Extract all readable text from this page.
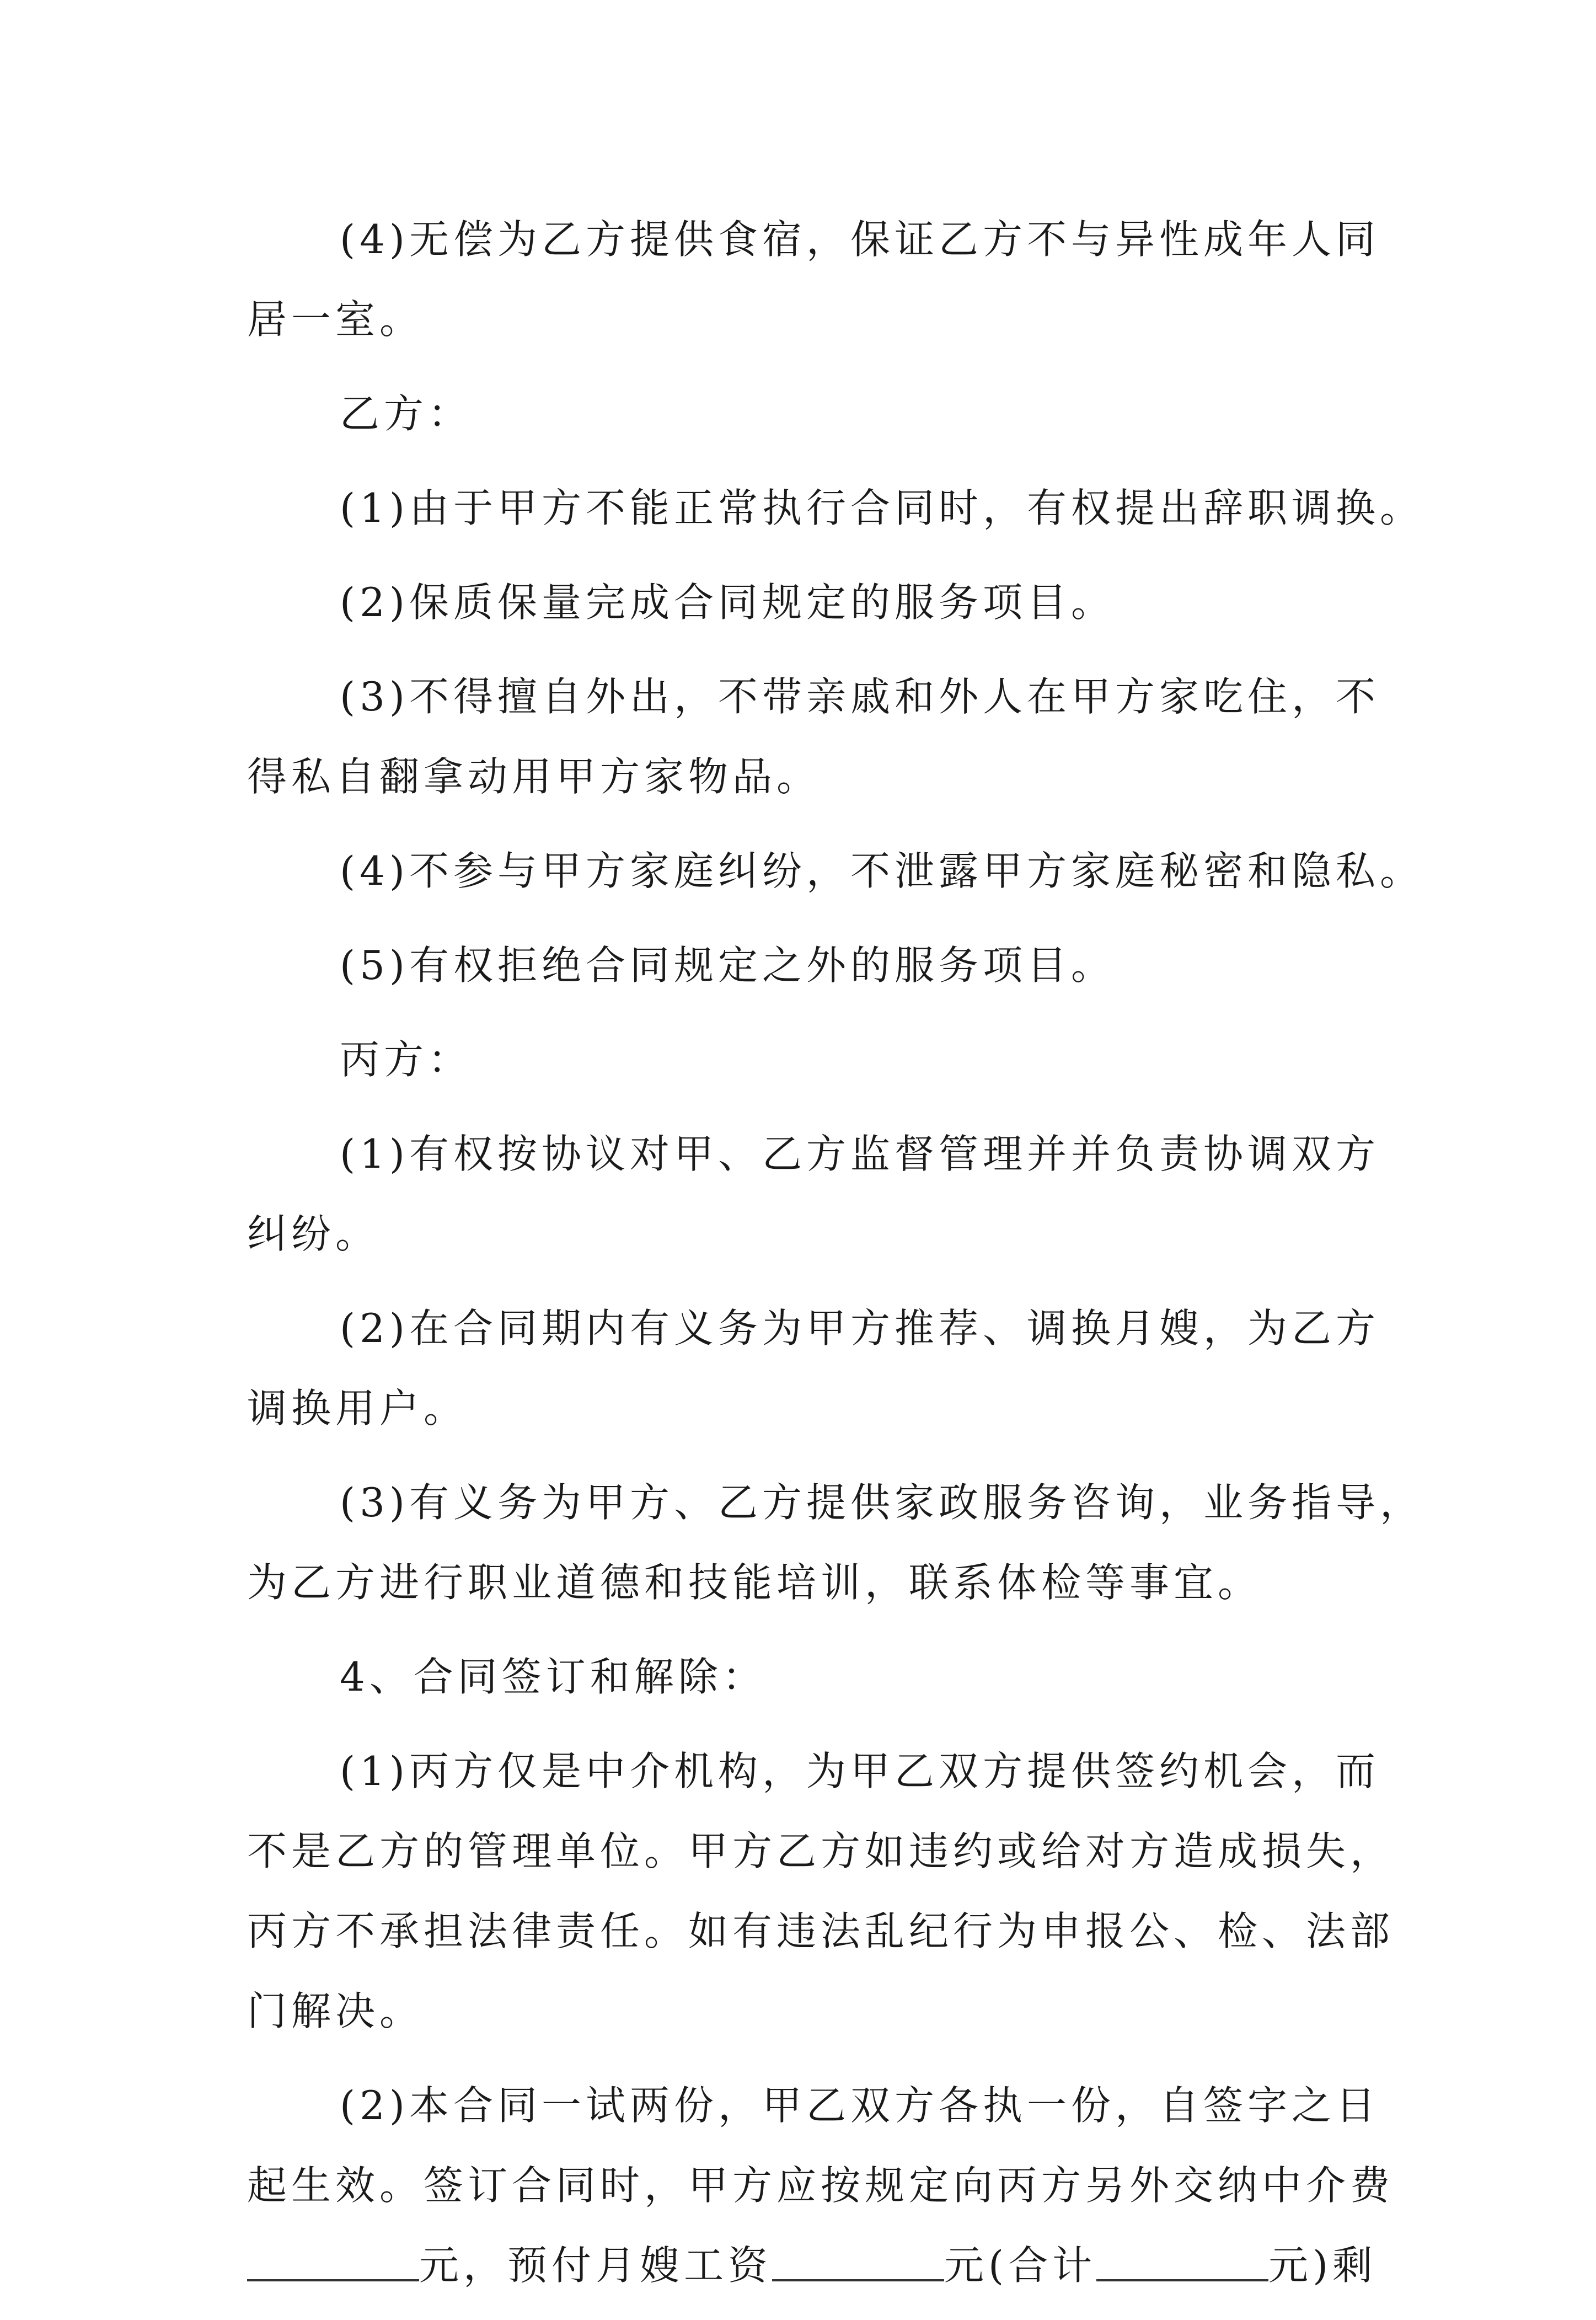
(4)无偿为乙方提供食宿，保证乙方不与异性成年人同
居一室。
乙方：
(1)由于甲方不能正常执行合同时，有权提出辞职调换。
(2)保质保量完成合同规定的服务项目。
(3)不得擅自外出，不带亲戚和外人在甲方家吃住，不
得私自翻拿动用甲方家物品。
(4)不参与甲方家庭纠纷，不泄露甲方家庭秘密和隐私。
(5)有权拒绝合同规定之外的服务项目。
丙方：
(1)有权按协议对甲、乙方监督管理并并负责协调双方
纠纷。
(2)在合同期内有义务为甲方推荐、调换月嫂，为乙方
调换用户。
(3)有义务为甲方、乙方提供家政服务咨询，业务指导，
为乙方进行职业道德和技能培训，联系体检等事宜。
4、合同签订和解除：
(1)丙方仅是中介机构，为甲乙双方提供签约机会，而
不是乙方的管理单位。甲方乙方如违约或给对方造成损失，
丙方不承担法律责任。如有违法乱纪行为申报公、检、法部
门解决。
(2)本合同一试两份，甲乙双方各执一份，自签字之日
起生效。签订合同时，甲方应按规定向丙方另外交纳中介费
元，预付月嫂工资	元(合计	元)剩
